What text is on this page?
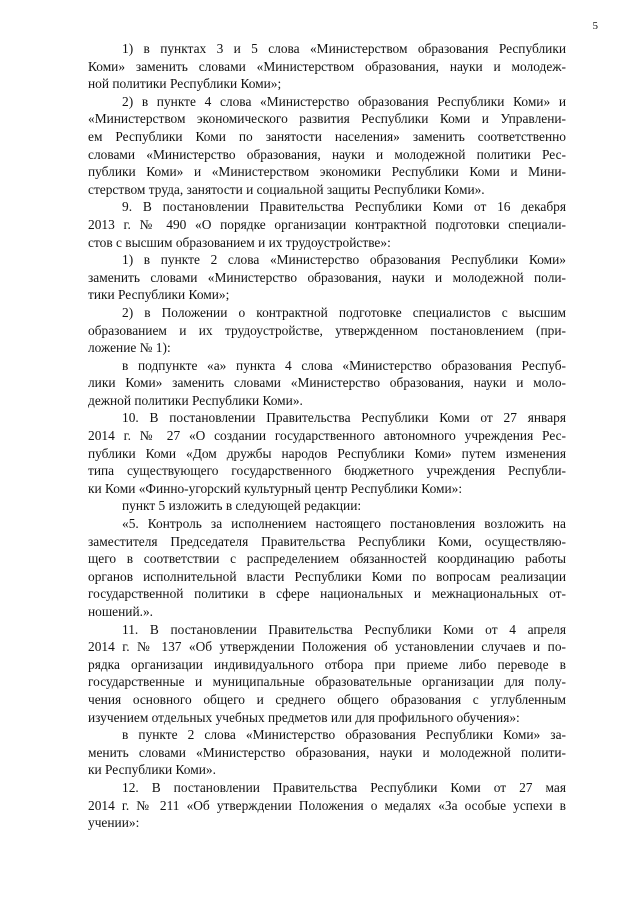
5
1) в пунктах 3 и 5 слова «Министерством образования Республики
Коми» заменить словами «Министерством образования, науки и молодеж-
ной политики Республики Коми»;
2) в пункте 4 слова «Министерство образования Республики Коми» и
«Министерством экономического развития Республики Коми и Управлени-
ем Республики Коми по занятости населения» заменить соответственно
словами «Министерство образования, науки и молодежной политики Рес-
публики Коми» и «Министерством экономики Республики Коми и Мини-
стерством труда, занятости и социальной защиты Республики Коми».
9. В постановлении Правительства Республики Коми от 16 декабря
2013 г. № 490 «О порядке организации контрактной подготовки специали-
стов с высшим образованием и их трудоустройстве»:
1) в пункте 2 слова «Министерство образования Республики Коми»
заменить словами «Министерство образования, науки и молодежной поли-
тики Республики Коми»;
2) в Положении о контрактной подготовке специалистов с высшим
образованием и их трудоустройстве, утвержденном постановлением (при-
ложение № 1):
в подпункте «а» пункта 4 слова «Министерство образования Респуб-
лики Коми» заменить словами «Министерство образования, науки и моло-
дежной политики Республики Коми».
10. В постановлении Правительства Республики Коми от 27 января
2014 г. № 27 «О создании государственного автономного учреждения Рес-
публики Коми «Дом дружбы народов Республики Коми» путем изменения
типа существующего государственного бюджетного учреждения Республи-
ки Коми «Финно-угорский культурный центр Республики Коми»:
пункт 5 изложить в следующей редакции:
«5. Контроль за исполнением настоящего постановления возложить на
заместителя Председателя Правительства Республики Коми, осуществляю-
щего в соответствии с распределением обязанностей координацию работы
органов исполнительной власти Республики Коми по вопросам реализации
государственной политики в сфере национальных и межнациональных от-
ношений.».
11. В постановлении Правительства Республики Коми от 4 апреля
2014 г. № 137 «Об утверждении Положения об установлении случаев и по-
рядка организации индивидуального отбора при приеме либо переводе в
государственные и муниципальные образовательные организации для полу-
чения основного общего и среднего общего образования с углубленным
изучением отдельных учебных предметов или для профильного обучения»:
в пункте 2 слова «Министерство образования Республики Коми» за-
менить словами «Министерство образования, науки и молодежной полити-
ки Республики Коми».
12. В постановлении Правительства Республики Коми от 27 мая
2014 г. № 211 «Об утверждении Положения о медалях «За особые успехи в
учении»:
